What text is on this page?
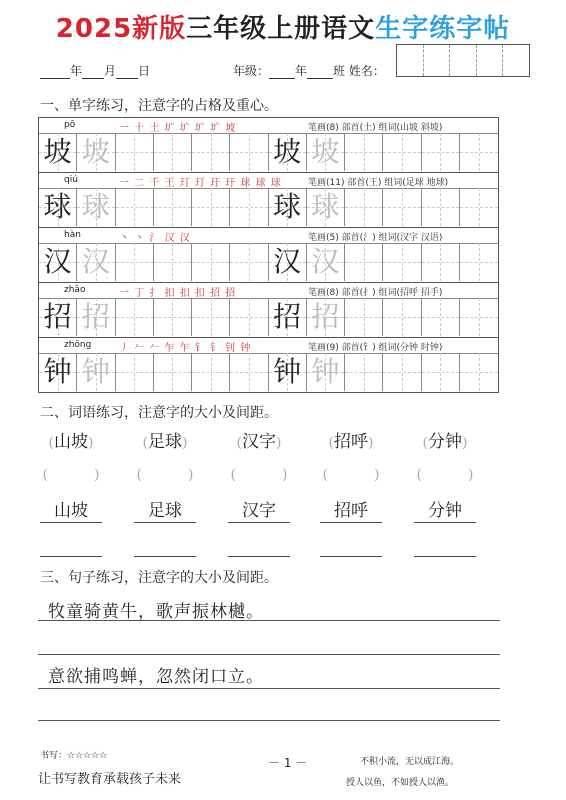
2025新版三年级上册语文生字练字帖
年 月 日	年级： 年 班 姓名：
一、单字练习，注意字的占格及重心。
pō	一 十 土 圹 圹 圹 圹 坡	笔画(8) 部首(土) 组词(山坡 斜坡)
坡 坡	坡 坡
qiú	一 二 千 王 玎 玎 玗 玗 球 球 球	笔画(11) 部首(王) 组词(足球 地球)
球 球	球 球
hàn	丶 丶 氵 汉 汉	笔画(5) 部首(氵) 组词(汉字 汉语)
汉 汉	汉 汉
zhāo	一 丁 扌 扣 扣 扣 招 招	笔画(8) 部首(扌) 组词(招呼 招手)
招 招	招 招
zhōng	丿 𠂉 𠂉 乍 乍 钅 钅 钊 钟	笔画(9) 部首(钅) 组词(分钟 时钟)
钟 钟	钟 钟
二、词语练习，注意字的大小及间距。
(山坡)
(	)
山坡
(足球)
(	)
足球
(汉字)
(	)
汉字
(招呼)
(	)
招呼
(分钟)
(	)
分钟
三、句子练习，注意字的大小及间距。
牧童骑黄牛，歌声振林樾。
意欲捕鸣蝉，忽然闭口立。
书写：☆☆☆☆☆
让书写教育承载孩子未来
－ 1 －	不积小流，无以成江海。
授人以鱼，不如授人以渔。
